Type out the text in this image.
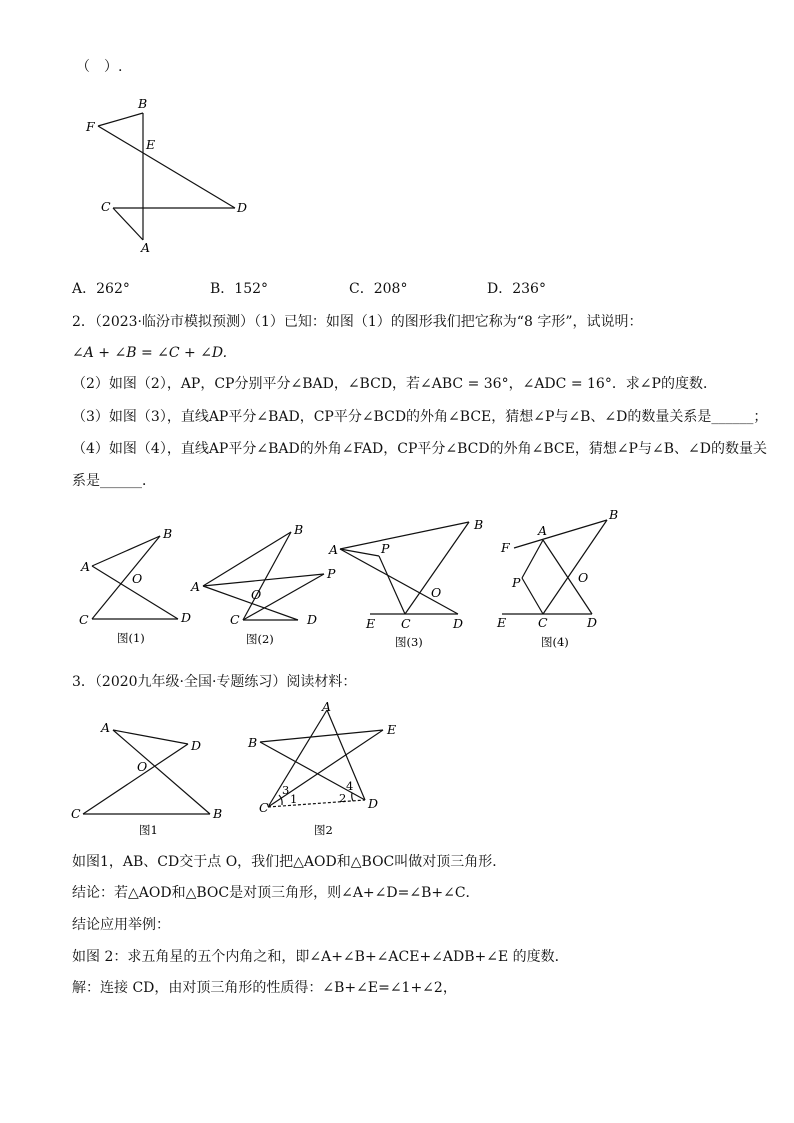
（　）.
F
B
E
C	D
A
B
A
O
C	D
图(1)
B
A
P
O
C	D
图(2)
B
A	P
O
E C	D
图(3)
B
A
F
P	O
E	C	D
图(4)
A
D
O
C	B
图1
A
B
E
C	D
3
1	2
4
图2
A．262°	B．152°	C．208°	D．236°
2．（2023·临汾市模拟预测）（1）已知：如图（1）的图形我们把它称为“8 字形”，试说明：
∠A + ∠B = ∠C + ∠D.
（2）如图（2），AP，CP分别平分∠BAD，∠BCD，若∠ABC = 36°，∠ADC = 16°．求∠P的度数．
（3）如图（3），直线AP平分∠BAD，CP平分∠BCD的外角∠BCE，猜想∠P与∠B、∠D的数量关系是______；
（4）如图（4），直线AP平分∠BAD的外角∠FAD，CP平分∠BCD的外角∠BCE，猜想∠P与∠B、∠D的数量关
系是______．
3．（2020九年级·全国·专题练习）阅读材料：
如图1，AB、CD交于点 O，我们把△AOD和△BOC叫做对顶三角形．
结论：若△AOD和△BOC是对顶三角形，则∠A+∠D=∠B+∠C．
结论应用举例：
如图 2：求五角星的五个内角之和，即∠A+∠B+∠ACE+∠ADB+∠E 的度数．
解：连接 CD，由对顶三角形的性质得：∠B+∠E=∠1+∠2，
